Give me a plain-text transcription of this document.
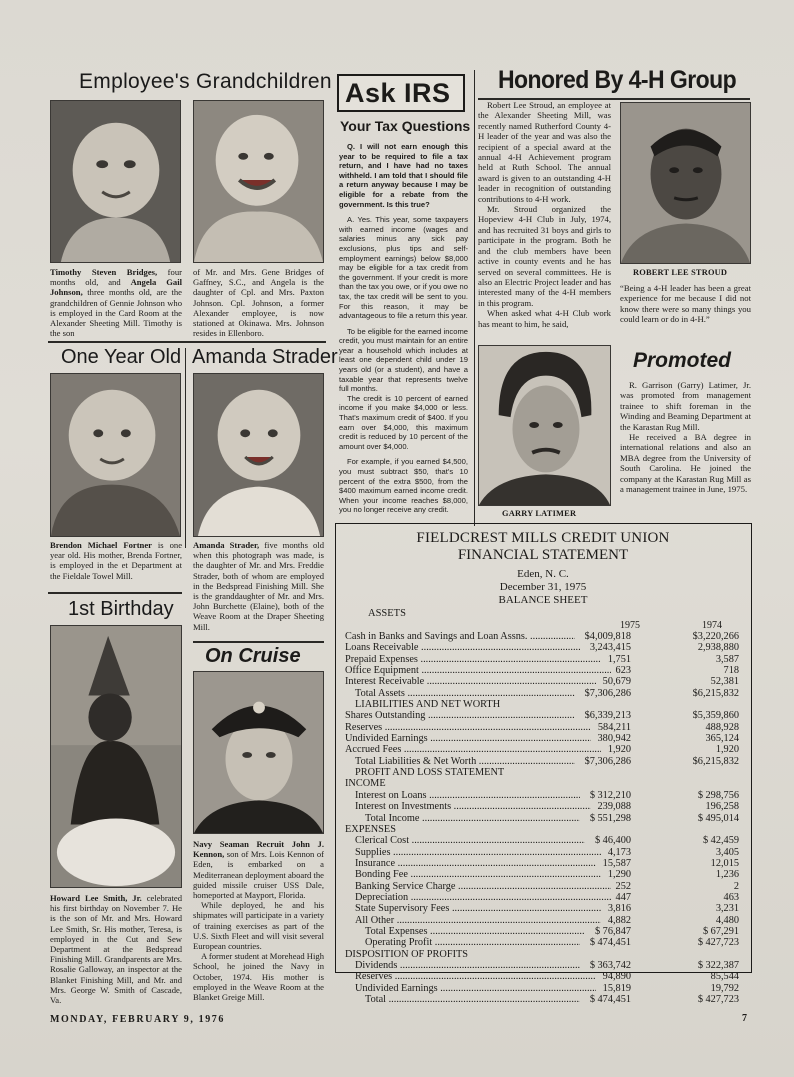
Employee's Grandchildren
Timothy Steven Bridges, four months old, and Angela Gail Johnson, three months old, are the grandchildren of Gennie Johnson who is employed in the Card Room at the Alexander Sheeting Mill. Timothy is the son
of Mr. and Mrs. Gene Bridges of Gaffney, S.C., and Angela is the daughter of Cpl. and Mrs. Paxton Johnson. Cpl. Johnson, a former Alexander employee, is now stationed at Okinawa. Mrs. Johnson resides in Ellenboro.
One Year Old Amanda Strader
Brendon Michael Fortner is one year old. His mother, Brenda Fortner, is employed in the et Department at the Fieldale Towel Mill.
Amanda Strader, five months old when this photograph was made, is the daughter of Mr. and Mrs. Freddie Strader, both of whom are employed in the Bedspread Finishing Mill. She is the granddaughter of Mr. and Mrs. John Burchette (Elaine), both of the Weave Room at the Draper Sheeting Mill.
1st Birthday
Howard Lee Smith, Jr. celebrated his first birthday on November 7. He is the son of Mr. and Mrs. Howard Lee Smith, Sr. His mother, Teresa, is employed in the Cut and Sew Department at the Bedspread Finishing Mill. Grandparents are Mrs. Rosalie Galloway, an inspector at the Blanket Finishing Mill, and Mr. and Mrs. George W. Smith of Cascade, Va.
On Cruise
Navy Seaman Recruit John J. Kennon, son of Mrs. Lois Kennon of Eden, is embarked on a Mediterranean deployment aboard the guided missile cruiser USS Dale, homeported at Mayport, Florida.
While deployed, he and his shipmates will participate in a variety of training exercises as part of the U.S. Sixth Fleet and will visit several European countries.
A former student at Morehead High School, he joined the Navy in October, 1974. His mother is employed in the Weave Room at the Blanket Greige Mill.
Ask IRS
Your Tax Questions

Q. I will not earn enough this year to be required to file a tax return, and I have had no taxes withheld. I am told that I should file a return anyway because I may be eligible for a rebate from the government. Is this true?

A. Yes. This year, some taxpayers with earned income (wages and salaries minus any sick pay exclusions, plus tips and self-employment earnings) below $8,000 may be eligible for a tax credit from the government. If your credit is more than the tax you owe, or if you owe no tax, the tax credit will be sent to you. For this reason, it may be advantageous to file a return this year.

To be eligible for the earned income credit, you must maintain for an entire year a household which includes at least one dependent child under 19 years old (or a student), and have a taxable year that represents twelve full months.

The credit is 10 percent of earned income if you make $4,000 or less. That's maximum credit of $400. If you earn over $4,000, this maximum credit is reduced by 10 percent of the amount over $4,000.

For example, if you earned $4,500, you must subtract $50, that's 10 percent of the extra $500, from the $400 maximum earned income credit. When your income reaches $8,000, you no longer receive any credit.

Honored By 4-H Group

Robert Lee Stroud, an employee at the Alexander Sheeting Mill, was recently named Rutherford County 4-H leader of the year and was also the recipient of a special award at the annual 4-H Achievement program held at Ruth School. The annual award is given to an outstanding 4-H leader in recognition of outstanding contributions to 4-H work.

Mr. Stroud organized the Hopeview 4-H Club in July, 1974, and has recruited 31 boys and girls to participate in the program. Both he and the club members have been active in county events and he has served on several committees. He is also an Electric Project leader and has interested many of the 4-H members in this program.

When asked what 4-H Club work has meant to him, he said,

ROBERT LEE STROUD
“Being a 4-H leader has been a great experience for me because I did not know there were so many things you could learn or do in 4-H.”
GARRY LATIMER
Promoted

R. Garrison (Garry) Latimer, Jr. was promoted from management trainee to shift foreman in the Winding and Beaming Department at the Karastan Rug Mill.

He received a BA degree in international relations and also an MBA degree from the University of South Carolina. He joined the company at the Karastan Rug Mill as a management trainee in June, 1975.

FIELDCREST MILLS CREDIT UNION
FINANCIAL STATEMENT
Eden, N. C.
December 31, 1975
BALANCE SHEET
ASSETS
1975	1974
Cash in Banks and Savings and Loan Assns. .....	$4,009,818	$3,220,266
Loans Receivable .....	3,243,415	2,938,880
Prepaid Expenses .....	1,751	3,587
Office Equipment .....	623	718
Interest Receivable .....	50,679	52,381
Total Assets .....	$7,306,286	$6,215,832
LIABILITIES AND NET WORTH
Shares Outstanding .....	$6,339,213	$5,359,860
Reserves .....	584,211	488,928
Undivided Earnings .....	380,942	365,124
Accrued Fees .....	1,920	1,920
Total Liabilities & Net Worth .....	$7,306,286	$6,215,832
PROFIT AND LOSS STATEMENT
INCOME
Interest on Loans .....	$ 312,210	$ 298,756
Interest on Investments .....	239,088	196,258
Total Income .....	$ 551,298	$ 495,014
EXPENSES
Clerical Cost .....	$ 46,400	$ 42,459
Supplies .....	4,173	3,405
Insurance .....	15,587	12,015
Bonding Fee .....	1,290	1,236
Banking Service Charge .....	252	2
Depreciation .....	447	463
State Supervisory Fees .....	3,816	3,231
All Other .....	4,882	4,480
Total Expenses .....	$ 76,847	$ 67,291
Operating Profit .....	$ 474,451	$ 427,723
DISPOSITION OF PROFITS
Dividends .....	$ 363,742	$ 322,387
Reserves .....	94,890	85,544
Undivided Earnings .....	15,819	19,792
Total .....	$ 474,451	$ 427,723
MONDAY, FEBRUARY 9, 1976	7
